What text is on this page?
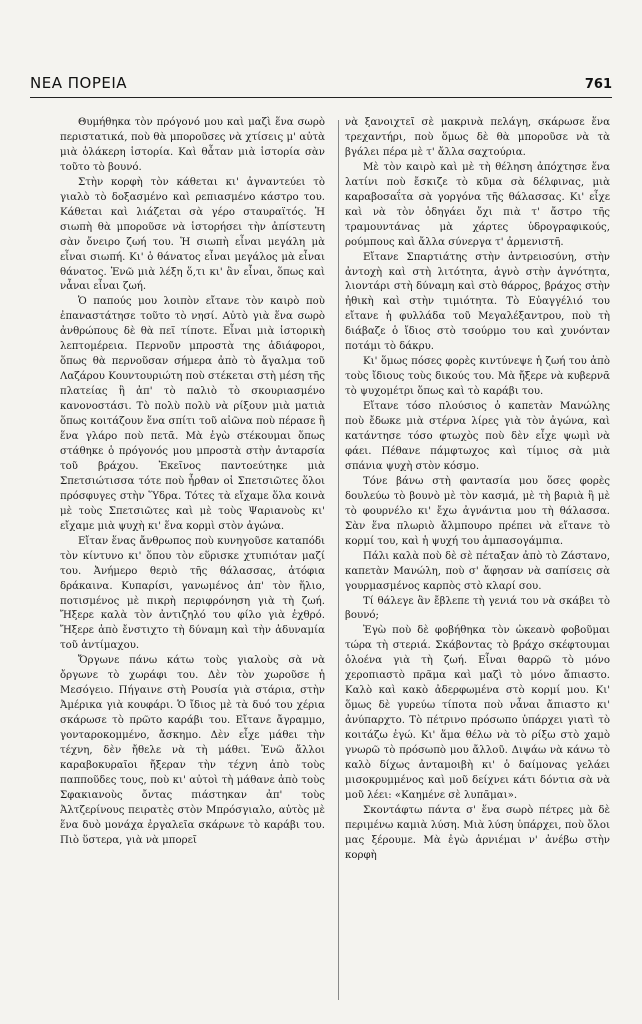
ΝΕΑ ΠΟΡΕΙΑ	761

Θυμήθηκα τὸν πρόγονό μου καὶ μαζὶ ἕνα σωρὸ περιστατικά, ποὺ θὰ μποροῦσες νὰ χτίσεις μ' αὐτὰ μιὰ ὁλάκερη ἱστορία. Καὶ θἆταν μιὰ ἱστορία σὰν τοῦτο τὸ βουνό.

Στὴν κορφὴ τὸν κάθεται κι' ἀγναντεύει τὸ γιαλὸ τὸ δοξασμένο καὶ ρεπιασμένο κάστρο του. Κάθεται καὶ λιάζεται σὰ γέρο σταυραϊτός. Ἡ σιωπὴ θὰ μποροῦσε νὰ ἱστορήσει τὴν ἀπίστευτη σὰν ὄνειρο ζωή του. Ἡ σιωπὴ εἶναι μεγάλη μὰ εἶναι σιωπή. Κι' ὁ θάνατος εἶναι μεγάλος μὰ εἶναι θάνατος. Ἐνῶ μιὰ λέξη ὅ,τι κι' ἂν εἶναι, ὅπως καὶ νἆναι εἶναι ζωή.

Ὁ παπούς μου λοιπὸν εἴτανε τὸν καιρὸ ποὺ ἐπαναστάτησε τοῦτο τὸ νησί. Αὐτὸ γιὰ ἕνα σωρὸ ἀνθρώπους δὲ θὰ πεῖ τίποτε. Εἶναι μιὰ ἱστορικὴ λεπτομέρεια. Περνοῦν μπροστὰ της ἀδιάφοροι, ὅπως θὰ περνοῦσαν σήμερα ἀπὸ τὸ ἄγαλμα τοῦ Λαζάρου Κουντουριώτη ποὺ στέκεται στὴ μέση τῆς πλατείας ἢ ἀπ' τὸ παλιὸ τὸ σκουριασμένο κανονοστάσι. Τὸ πολὺ πολὺ νὰ ρίξουν μιὰ ματιὰ ὅπως κοιτάζουν ἕνα σπίτι τοῦ αἰῶνα ποὺ πέρασε ἢ ἕνα γλάρο ποὺ πετᾶ. Μὰ ἐγὼ στέκουμαι ὅπως στάθηκε ὁ πρόγονός μου μπροστὰ στὴν ἀνταρσία τοῦ βράχου. Ἐκεῖνος παντοεύτηκε μιὰ Σπετσιώτισσα τότε ποὺ ἦρθαν οἱ Σπετσιῶτες ὅλοι πρόσφυγες στὴν Ὕδρα. Τότες τὰ εἴχαμε ὅλα κοινὰ μὲ τοὺς Σπετσιῶτες καὶ μὲ τοὺς Ψαριανοὺς κι' εἴχαμε μιὰ ψυχὴ κι' ἕνα κορμὶ στὸν ἀγώνα.

Εἴταν ἕνας ἄνθρωπος ποὺ κυνηγοῦσε καταπόδι τὸν κίντυνο κι' ὅπου τὸν εὕρισκε χτυπιόταν μαζί του. Ἀνήμερο θεριὸ τῆς θάλασσας, ἀτόφια δράκαινα. Κυπαρίσι, γανωμένος ἀπ' τὸν ἥλιο, ποτισμένος μὲ πικρὴ περιφρόνηση γιὰ τὴ ζωή. Ἤξερε καλὰ τὸν ἀντιζηλό του φίλο γιὰ ἐχθρό. Ἤξερε ἀπὸ ἔνστιχτο τὴ δύναμη καὶ τὴν ἀδυναμία τοῦ ἀντίμαχου.

Ὄργωνε πάνω κάτω τοὺς γιαλοὺς σὰ νὰ ὄργωνε τὸ χωράφι του. Δὲν τὸν χωροῦσε ἡ Μεσόγειο. Πήγαινε στὴ Ρουσία γιὰ στάρια, στὴν Ἀμέρικα γιὰ κουφάρι. Ὁ ἴδιος μὲ τὰ δυό του χέρια σκάρωσε τὸ πρῶτο καράβι του. Εἴτανε ἄγραμμο, γονταροκομμένο, ἄσκημο. Δὲν εἶχε μάθει τὴν τέχνη, δὲν ἤθελε νὰ τὴ μάθει. Ἐνῶ ἄλλοι καραβοκυραῖοι ἤξεραν τὴν τέχνη ἀπὸ τοὺς παπποῦδες τους, ποὺ κι' αὐτοὶ τὴ μάθανε ἀπὸ τοὺς Σφακιανοὺς ὄντας πιάστηκαν ἀπ' τοὺς Ἀλτζερίνους πειρατὲς στὸν Μπρόσγιαλο, αὐτὸς μὲ ἕνα δυὸ μονάχα ἐργαλεῖα σκάρωνε τὸ καράβι του. Πιὸ ὕστερα, γιὰ νὰ μπορεῖ

νὰ ξανοιχτεῖ σὲ μακρινὰ πελάγη, σκάρωσε ἕνα τρεχαντήρι, ποὺ ὅμως δὲ θὰ μποροῦσε νὰ τὰ βγάλει πέρα μὲ τ' ἄλλα σαχτούρια.

Μὲ τὸν καιρὸ καὶ μὲ τὴ θέληση ἀπόχτησε ἕνα λατίνι ποὺ ἔσκιζε τὸ κῦμα σὰ δέλφινας, μιὰ καραβοσαΐτα σὰ γοργόνα τῆς θάλασσας. Κι' εἶχε καὶ νὰ τὸν ὁδηγάει ὄχι πιὰ τ' ἄστρο τῆς τραμουντάνας μὰ χάρτες ὑδρογραφικούς, ρούμπους καὶ ἄλλα σύνεργα τ' ἀρμενιστῆ.

Εἴτανε Σπαρτιάτης στὴν ἀντρειοσύνη, στὴν ἀντοχὴ καὶ στὴ λιτότητα, ἁγνὸ στὴν ἁγνότητα, λιοντάρι στὴ δύναμη καὶ στὸ θάρρος, βράχος στὴν ἠθικὴ καὶ στὴν τιμιότητα. Τὸ Εὐαγγέλιό του εἴτανε ἡ φυλλάδα τοῦ Μεγαλέξαντρου, ποὺ τὴ διάβαζε ὁ ἴδιος στὸ τσούρμο του καὶ χυνόνταν ποτάμι τὸ δάκρυ.

Κι' ὅμως πόσες φορὲς κιντύνεψε ἡ ζωή του ἀπὸ τοὺς ἴδιους τοὺς δικούς του. Μὰ ἤξερε νὰ κυβερνᾶ τὸ ψυχομέτρι ὅπως καὶ τὸ καράβι του.

Εἴτανε τόσο πλούσιος ὁ καπετὰν Μανώλης ποὺ ἔδωκε μιὰ στέρνα λίρες γιὰ τὸν ἀγώνα, καὶ κατάντησε τόσο φτωχὸς ποὺ δὲν εἶχε ψωμὶ νὰ φάει. Πέθανε πάμφτωχος καὶ τίμιος σὰ μιὰ σπάνια ψυχὴ στὸν κόσμο.

Τόνε βάνω στὴ φαντασία μου ὅσες φορὲς δουλεύω τὸ βουνὸ μὲ τὸν κασμά, μὲ τὴ βαριὰ ἢ μὲ τὸ φουρνέλο κι' ἔχω ἀγνάντια μου τὴ θάλασσα. Σὰν ἕνα πλωριὸ ἄλμπουρο πρέπει νὰ εἴτανε τὸ κορμί του, καὶ ἡ ψυχή του ἀμπασογάμπια.

Πάλι καλὰ ποὺ δὲ σὲ πέταξαν ἀπὸ τὸ Ζάστανο, καπετὰν Μανώλη, ποὺ σ' ἄφησαν νὰ σαπίσεις σὰ γουρμασμένος καρπὸς στὸ κλαρί σου.

Τί θάλεγε ἂν ἔβλεπε τὴ γενιά του νὰ σκάβει τὸ βουνό;

Ἐγὼ ποὺ δὲ φοβήθηκα τὸν ὠκεανὸ φοβοῦμαι τώρα τὴ στεριά. Σκάβοντας τὸ βράχο σκέφτουμαι ὁλοένα γιὰ τὴ ζωή. Εἶναι θαρρῶ τὸ μόνο χεροπιαστὸ πρᾶμα καὶ μαζὶ τὸ μόνο ἄπιαστο. Καλὸ καὶ κακὸ ἀδερφωμένα στὸ κορμί μου. Κι' ὅμως δὲ γυρεύω τίποτα ποὺ νἆναι ἄπιαστο κι' ἀνύπαρχτο. Τὸ πέτρινο πρόσωπο ὑπάρχει γιατὶ τὸ κοιτάζω ἐγώ. Κι' ἅμα θέλω νὰ τὸ ρίξω στὸ χαμὸ γνωρῶ τὸ πρόσωπὸ μου ἄλλοῦ. Διψάω νὰ κάνω τὸ καλὸ δίχως ἀνταμοιβὴ κι' ὁ δαίμονας γελάει μισοκρυμμένος καὶ μοῦ δείχνει κάτι δόντια σὰ νὰ μοῦ λέει: «Καημένε σὲ λυπᾶμαι».

Σκοντάφτω πάντα σ' ἕνα σωρὸ πέτρες μὰ δὲ περιμένω καμιὰ λύση. Μιὰ λύση ὑπάρχει, ποὺ ὅλοι μας ξέρουμε. Μὰ ἐγὼ ἀρνιέμαι ν' ἀνέβω στὴν κορφὴ
